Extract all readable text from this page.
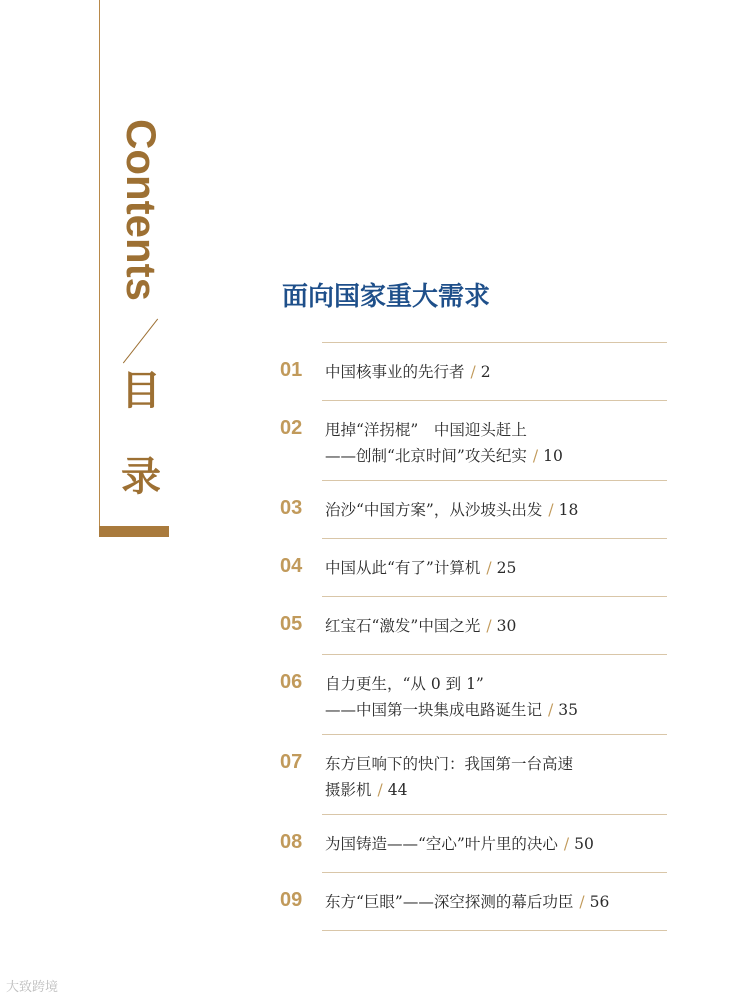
Contents
目
录
面向国家重大需求
01 中国核事业的先行者 / 2
02 甩掉“洋拐棍”　中国迎头赶上
——创制“北京时间”攻关纪实 / 10
03 治沙“中国方案”，从沙坡头出发 / 18
04 中国从此“有了”计算机 / 25
05 红宝石“激发”中国之光 / 30
06 自力更生，“从 0 到 1”
——中国第一块集成电路诞生记 / 35
07 东方巨响下的快门：我国第一台高速
摄影机 / 44
08 为国铸造——“空心”叶片里的决心 / 50
09 东方“巨眼”——深空探测的幕后功臣 / 56
大致跨境
